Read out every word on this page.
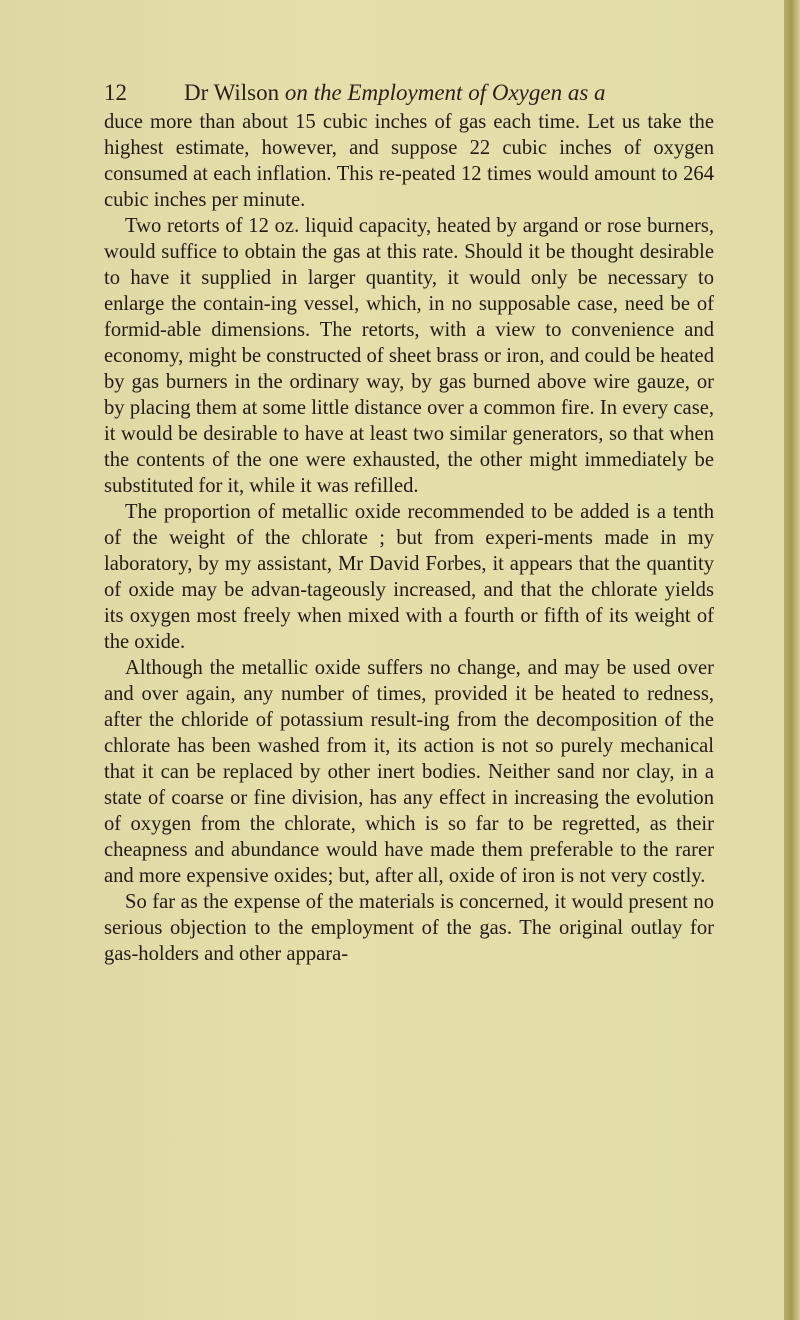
12 Dr Wilson on the Employment of Oxygen as a

duce more than about 15 cubic inches of gas each time. Let us take the highest estimate, however, and suppose 22 cubic inches of oxygen consumed at each inflation. This re-peated 12 times would amount to 264 cubic inches per minute.

Two retorts of 12 oz. liquid capacity, heated by argand or rose burners, would suffice to obtain the gas at this rate. Should it be thought desirable to have it supplied in larger quantity, it would only be necessary to enlarge the contain-ing vessel, which, in no supposable case, need be of formid-able dimensions. The retorts, with a view to convenience and economy, might be constructed of sheet brass or iron, and could be heated by gas burners in the ordinary way, by gas burned above wire gauze, or by placing them at some little distance over a common fire. In every case, it would be desirable to have at least two similar generators, so that when the contents of the one were exhausted, the other might immediately be substituted for it, while it was refilled.

The proportion of metallic oxide recommended to be added is a tenth of the weight of the chlorate ; but from experi-ments made in my laboratory, by my assistant, Mr David Forbes, it appears that the quantity of oxide may be advan-tageously increased, and that the chlorate yields its oxygen most freely when mixed with a fourth or fifth of its weight of the oxide.

Although the metallic oxide suffers no change, and may be used over and over again, any number of times, provided it be heated to redness, after the chloride of potassium result-ing from the decomposition of the chlorate has been washed from it, its action is not so purely mechanical that it can be replaced by other inert bodies. Neither sand nor clay, in a state of coarse or fine division, has any effect in increasing the evolution of oxygen from the chlorate, which is so far to be regretted, as their cheapness and abundance would have made them preferable to the rarer and more expensive oxides; but, after all, oxide of iron is not very costly.

So far as the expense of the materials is concerned, it would present no serious objection to the employment of the gas. The original outlay for gas-holders and other appara-
